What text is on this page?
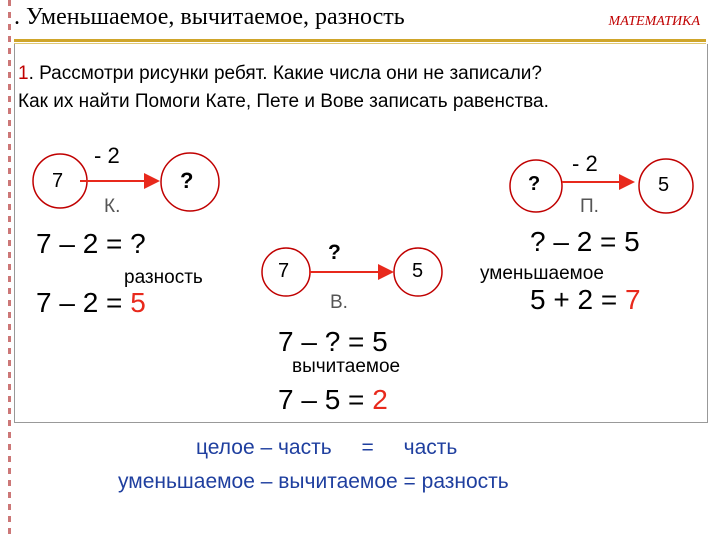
. Уменьшаемое, вычитаемое, разность	МАТЕМАТИКА
1. Рассмотри рисунки ребят. Какие числа они не записали?
Как их найти Помоги Кате, Пете и Вове записать равенства.
- 2
7	?
К.
7 – 2 = ?
разность
7 – 2 = 5
- 2
?	5
П.
? – 2 = 5
уменьшаемое
5 + 2 = 7
?
7	5
В.
7 – ? = 5
вычитаемое
7 – 5 = 2
целое – часть = часть
уменьшаемое – вычитаемое = разность
